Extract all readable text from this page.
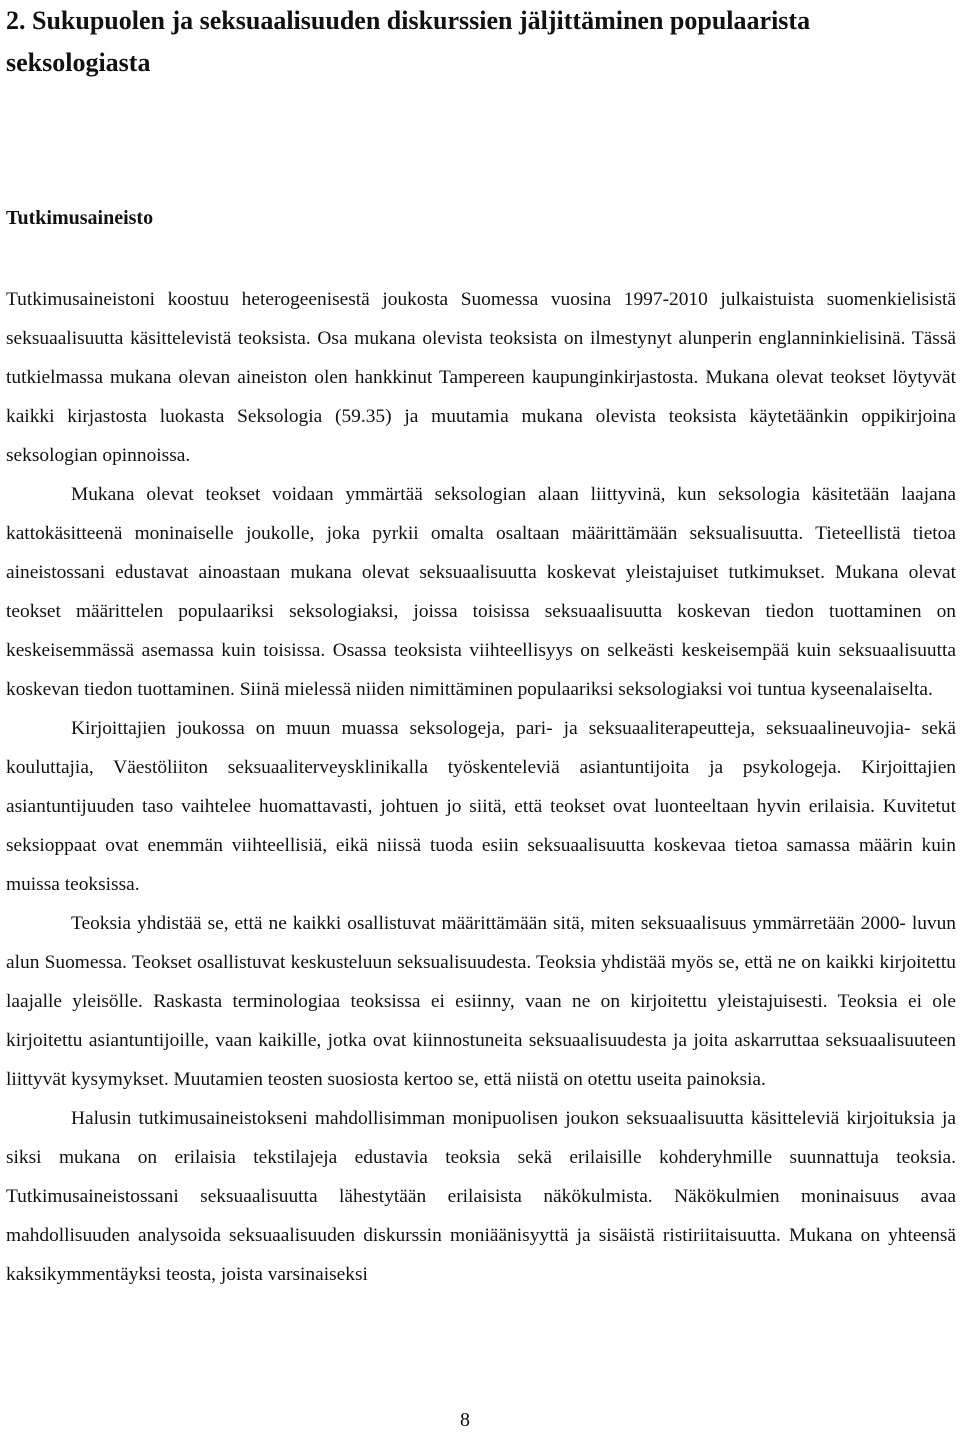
2. Sukupuolen ja seksuaalisuuden diskurssien jäljittäminen populaarista seksologiasta
Tutkimusaineisto

Tutkimusaineistoni koostuu heterogeenisestä joukosta Suomessa vuosina 1997-2010 julkaistuista suomenkielisistä seksuaalisuutta käsittelevistä teoksista. Osa mukana olevista teoksista on ilmestynyt alunperin englanninkielisinä. Tässä tutkielmassa mukana olevan aineiston olen hankkinut Tampereen kaupunginkirjastosta. Mukana olevat teokset löytyvät kaikki kirjastosta luokasta Seksologia (59.35) ja muutamia mukana olevista teoksista käytetäänkin oppikirjoina seksologian opinnoissa.

Mukana olevat teokset voidaan ymmärtää seksologian alaan liittyvinä, kun seksologia käsitetään laajana kattokäsitteenä moninaiselle joukolle, joka pyrkii omalta osaltaan määrittämään seksualisuutta. Tieteellistä tietoa aineistossani edustavat ainoastaan mukana olevat seksuaalisuutta koskevat yleistajuiset tutkimukset. Mukana olevat teokset määrittelen populaariksi seksologiaksi, joissa toisissa seksuaalisuutta koskevan tiedon tuottaminen on keskeisemmässä asemassa kuin toisissa. Osassa teoksista viihteellisyys on selkeästi keskeisempää kuin seksuaalisuutta koskevan tiedon tuottaminen. Siinä mielessä niiden nimittäminen populaariksi seksologiaksi voi tuntua kyseenalaiselta.

Kirjoittajien joukossa on muun muassa seksologeja, pari- ja seksuaaliterapeutteja, seksuaalineuvojia- sekä kouluttajia, Väestöliiton seksuaaliterveysklinikalla työskenteleviä asiantuntijoita ja psykologeja. Kirjoittajien asiantuntijuuden taso vaihtelee huomattavasti, johtuen jo siitä, että teokset ovat luonteeltaan hyvin erilaisia. Kuvitetut seksioppaat ovat enemmän viihteellisiä, eikä niissä tuoda esiin seksuaalisuutta koskevaa tietoa samassa määrin kuin muissa teoksissa.

Teoksia yhdistää se, että ne kaikki osallistuvat määrittämään sitä, miten seksuaalisuus ymmärretään 2000- luvun alun Suomessa. Teokset osallistuvat keskusteluun seksualisuudesta. Teoksia yhdistää myös se, että ne on kaikki kirjoitettu laajalle yleisölle. Raskasta terminologiaa teoksissa ei esiinny, vaan ne on kirjoitettu yleistajuisesti. Teoksia ei ole kirjoitettu asiantuntijoille, vaan kaikille, jotka ovat kiinnostuneita seksuaalisuudesta ja joita askarruttaa seksuaalisuuteen liittyvät kysymykset. Muutamien teosten suosiosta kertoo se, että niistä on otettu useita painoksia.

Halusin tutkimusaineistokseni mahdollisimman monipuolisen joukon seksuaalisuutta käsitteleviä kirjoituksia ja siksi mukana on erilaisia tekstilajeja edustavia teoksia sekä erilaisille kohderyhmille suunnattuja teoksia. Tutkimusaineistossani seksuaalisuutta lähestytään erilaisista näkökulmista. Näkökulmien moninaisuus avaa mahdollisuuden analysoida seksuaalisuuden diskurssin moniäänisyyttä ja sisäistä ristiriitaisuutta. Mukana on yhteensä kaksikymmentäyksi teosta, joista varsinaiseksi

8
